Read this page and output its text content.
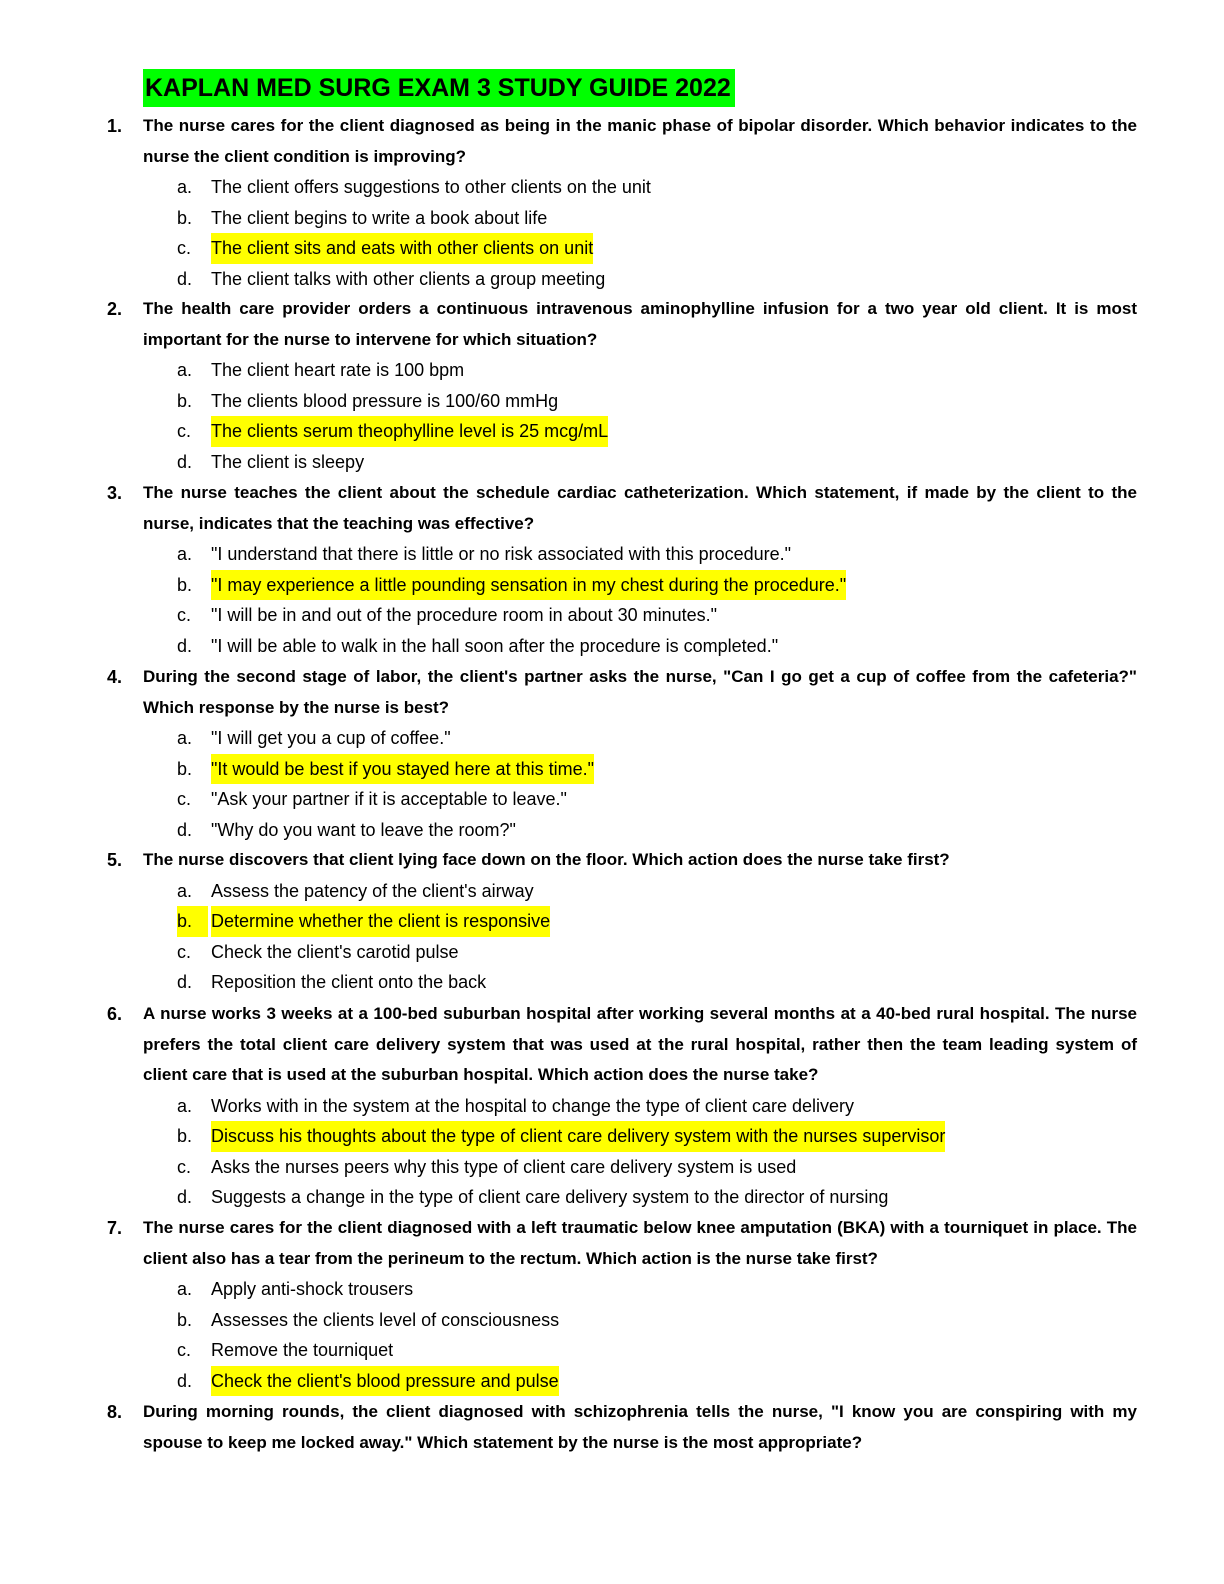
KAPLAN MED SURG EXAM 3 STUDY GUIDE 2022
1. The nurse cares for the client diagnosed as being in the manic phase of bipolar disorder. Which behavior indicates to the nurse the client condition is improving?
a. The client offers suggestions to other clients on the unit
b. The client begins to write a book about life
c. The client sits and eats with other clients on unit
d. The client talks with other clients a group meeting
2. The health care provider orders a continuous intravenous aminophylline infusion for a two year old client. It is most important for the nurse to intervene for which situation?
a. The client heart rate is 100 bpm
b. The clients blood pressure is 100/60 mmHg
c. The clients serum theophylline level is 25 mcg/mL
d. The client is sleepy
3. The nurse teaches the client about the schedule cardiac catheterization. Which statement, if made by the client to the nurse, indicates that the teaching was effective?
a. "I understand that there is little or no risk associated with this procedure."
b. "I may experience a little pounding sensation in my chest during the procedure."
c. "I will be in and out of the procedure room in about 30 minutes."
d. "I will be able to walk in the hall soon after the procedure is completed."
4. During the second stage of labor, the client's partner asks the nurse, "Can I go get a cup of coffee from the cafeteria?" Which response by the nurse is best?
a. "I will get you a cup of coffee."
b. "It would be best if you stayed here at this time."
c. "Ask your partner if it is acceptable to leave."
d. "Why do you want to leave the room?"
5. The nurse discovers that client lying face down on the floor. Which action does the nurse take first?
a. Assess the patency of the client's airway
b.	Determine whether the client is responsive
c. Check the client's carotid pulse
d. Reposition the client onto the back
6. A nurse works 3 weeks at a 100-bed suburban hospital after working several months at a 40-bed rural hospital. The nurse prefers the total client care delivery system that was used at the rural hospital, rather then the team leading system of client care that is used at the suburban hospital. Which action does the nurse take?
a. Works with in the system at the hospital to change the type of client care delivery
b. Discuss his thoughts about the type of client care delivery system with the nurses supervisor
c. Asks the nurses peers why this type of client care delivery system is used
d. Suggests a change in the type of client care delivery system to the director of nursing
7. The nurse cares for the client diagnosed with a left traumatic below knee amputation (BKA) with a tourniquet in place. The client also has a tear from the perineum to the rectum. Which action is the nurse take first?
a. Apply anti-shock trousers
b. Assesses the clients level of consciousness
c. Remove the tourniquet
d. Check the client's blood pressure and pulse
8. During morning rounds, the client diagnosed with schizophrenia tells the nurse, "I know you are conspiring with my spouse to keep me locked away." Which statement by the nurse is the most appropriate?
